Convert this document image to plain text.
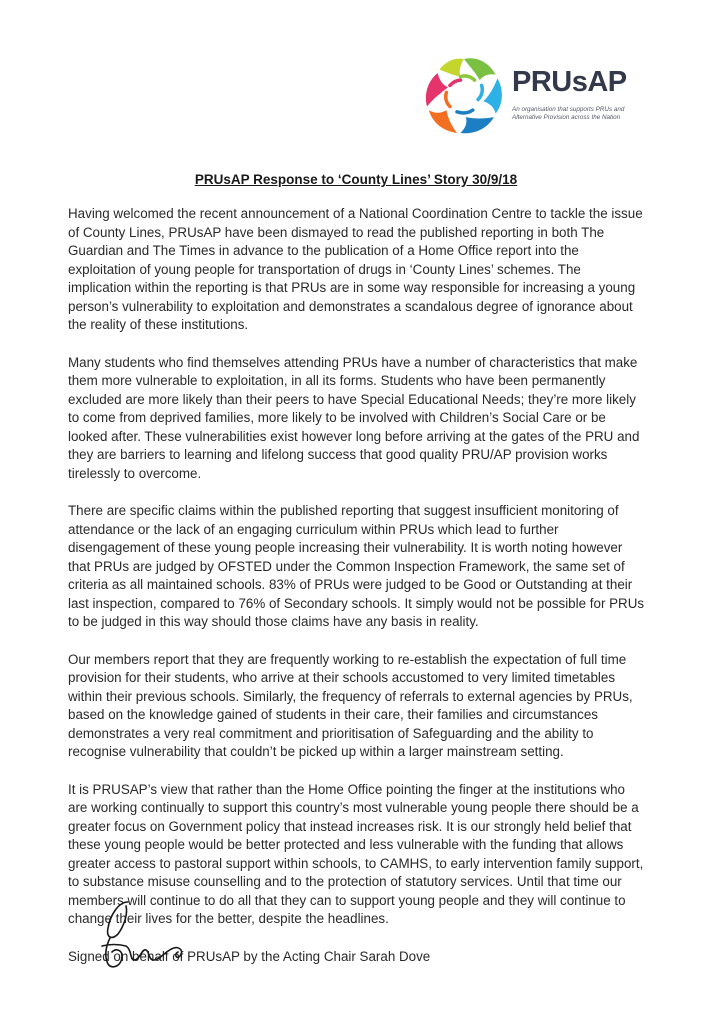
PRUsAP
An organisation that supports PRUs and Alternative Provision across the Nation
PRUsAP Response to ‘County Lines’ Story 30/9/18

Having welcomed the recent announcement of a National Coordination Centre to tackle the issue of County Lines, PRUsAP have been dismayed to read the published reporting in both The Guardian and The Times in advance to the publication of a Home Office report into the exploitation of young people for transportation of drugs in ‘County Lines’ schemes. The implication within the reporting is that PRUs are in some way responsible for increasing a young person’s vulnerability to exploitation and demonstrates a scandalous degree of ignorance about the reality of these institutions.

Many students who find themselves attending PRUs have a number of characteristics that make them more vulnerable to exploitation, in all its forms. Students who have been permanently excluded are more likely than their peers to have Special Educational Needs; they’re more likely to come from deprived families, more likely to be involved with Children’s Social Care or be looked after. These vulnerabilities exist however long before arriving at the gates of the PRU and they are barriers to learning and lifelong success that good quality PRU/AP provision works tirelessly to overcome.

There are specific claims within the published reporting that suggest insufficient monitoring of attendance or the lack of an engaging curriculum within PRUs which lead to further disengagement of these young people increasing their vulnerability. It is worth noting however that PRUs are judged by OFSTED under the Common Inspection Framework, the same set of criteria as all maintained schools. 83% of PRUs were judged to be Good or Outstanding at their last inspection, compared to 76% of Secondary schools. It simply would not be possible for PRUs to be judged in this way should those claims have any basis in reality.

Our members report that they are frequently working to re-establish the expectation of full time provision for their students, who arrive at their schools accustomed to very limited timetables within their previous schools. Similarly, the frequency of referrals to external agencies by PRUs, based on the knowledge gained of students in their care, their families and circumstances demonstrates a very real commitment and prioritisation of Safeguarding and the ability to recognise vulnerability that couldn’t be picked up within a larger mainstream setting.

It is PRUSAP’s view that rather than the Home Office pointing the finger at the institutions who are working continually to support this country’s most vulnerable young people there should be a greater focus on Government policy that instead increases risk. It is our strongly held belief that these young people would be better protected and less vulnerable with the funding that allows greater access to pastoral support within schools, to CAMHS, to early intervention family support, to substance misuse counselling and to the protection of statutory services. Until that time our members will continue to do all that they can to support young people and they will continue to change their lives for the better, despite the headlines.

Signed on behalf of PRUsAP by the Acting Chair Sarah Dove
